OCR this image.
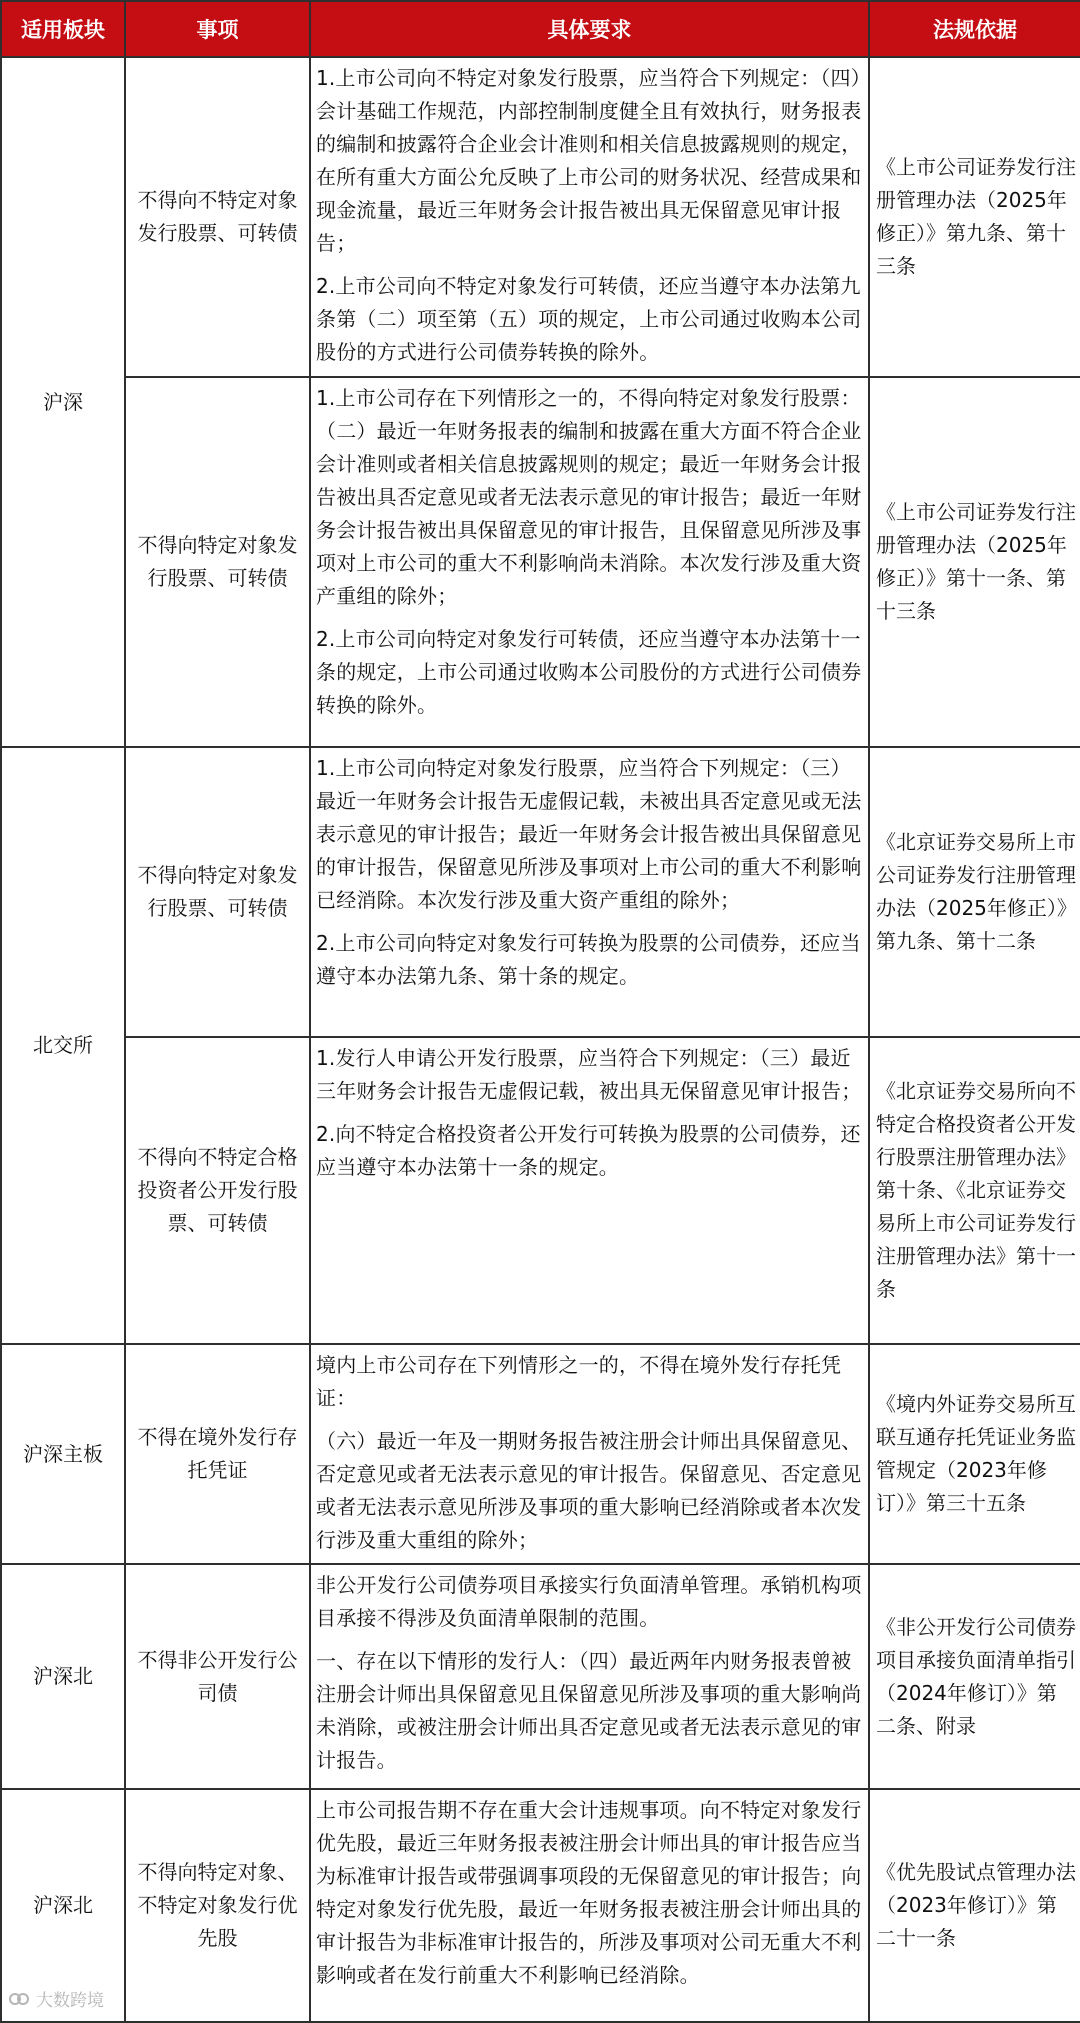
适用板块	事项	具体要求	法规依据
沪深	不得向不特定对象发行股票、可转债	1.上市公司向不特定对象发行股票，应当符合下列规定：（四）会计基础工作规范，内部控制制度健全且有效执行，财务报表的编制和披露符合企业会计准则和相关信息披露规则的规定，在所有重大方面公允反映了上市公司的财务状况、经营成果和现金流量，最近三年财务会计报告被出具无保留意见审计报告；

2.上市公司向不特定对象发行可转债，还应当遵守本办法第九条第（二）项至第（五）项的规定，上市公司通过收购本公司股份的方式进行公司债券转换的除外。	《上市公司证券发行注册管理办法（2025年修正）》第九条、第十三条
	不得向特定对象发行股票、可转债	1.上市公司存在下列情形之一的，不得向特定对象发行股票：（二）最近一年财务报表的编制和披露在重大方面不符合企业会计准则或者相关信息披露规则的规定；最近一年财务会计报告被出具否定意见或者无法表示意见的审计报告；最近一年财务会计报告被出具保留意见的审计报告，且保留意见所涉及事项对上市公司的重大不利影响尚未消除。本次发行涉及重大资产重组的除外；

2.上市公司向特定对象发行可转债，还应当遵守本办法第十一条的规定，上市公司通过收购本公司股份的方式进行公司债券转换的除外。	《上市公司证券发行注册管理办法（2025年修正）》第十一条、第十三条
北交所	不得向特定对象发行股票、可转债	1.上市公司向特定对象发行股票，应当符合下列规定：（三）最近一年财务会计报告无虚假记载，未被出具否定意见或无法表示意见的审计报告；最近一年财务会计报告被出具保留意见的审计报告，保留意见所涉及事项对上市公司的重大不利影响已经消除。本次发行涉及重大资产重组的除外；

2.上市公司向特定对象发行可转换为股票的公司债券，还应当遵守本办法第九条、第十条的规定。	《北京证券交易所上市公司证券发行注册管理办法（2025年修正）》第九条、第十二条
	不得向不特定合格投资者公开发行股票、可转债	1.发行人申请公开发行股票，应当符合下列规定：（三）最近三年财务会计报告无虚假记载，被出具无保留意见审计报告；

2.向不特定合格投资者公开发行可转换为股票的公司债券，还应当遵守本办法第十一条的规定。	《北京证券交易所向不特定合格投资者公开发行股票注册管理办法》第十条、《北京证券交易所上市公司证券发行注册管理办法》第十一条
沪深主板	不得在境外发行存托凭证	境内上市公司存在下列情形之一的，不得在境外发行存托凭证：

（六）最近一年及一期财务报告被注册会计师出具保留意见、否定意见或者无法表示意见的审计报告。保留意见、否定意见或者无法表示意见所涉及事项的重大影响已经消除或者本次发行涉及重大重组的除外；	《境内外证券交易所互联互通存托凭证业务监管规定（2023年修订）》第三十五条
沪深北	不得非公开发行公司债	非公开发行公司债券项目承接实行负面清单管理。承销机构项目承接不得涉及负面清单限制的范围。

一、存在以下情形的发行人：（四）最近两年内财务报表曾被注册会计师出具保留意见且保留意见所涉及事项的重大影响尚未消除，或被注册会计师出具否定意见或者无法表示意见的审计报告。	《非公开发行公司债券项目承接负面清单指引（2024年修订）》第二条、附录
沪深北	不得向特定对象、不特定对象发行优先股	上市公司报告期不存在重大会计违规事项。向不特定对象发行优先股，最近三年财务报表被注册会计师出具的审计报告应当为标准审计报告或带强调事项段的无保留意见的审计报告；向特定对象发行优先股，最近一年财务报表被注册会计师出具的审计报告为非标准审计报告的，所涉及事项对公司无重大不利影响或者在发行前重大不利影响已经消除。	《优先股试点管理办法（2023年修订）》第二十一条
大数跨境
